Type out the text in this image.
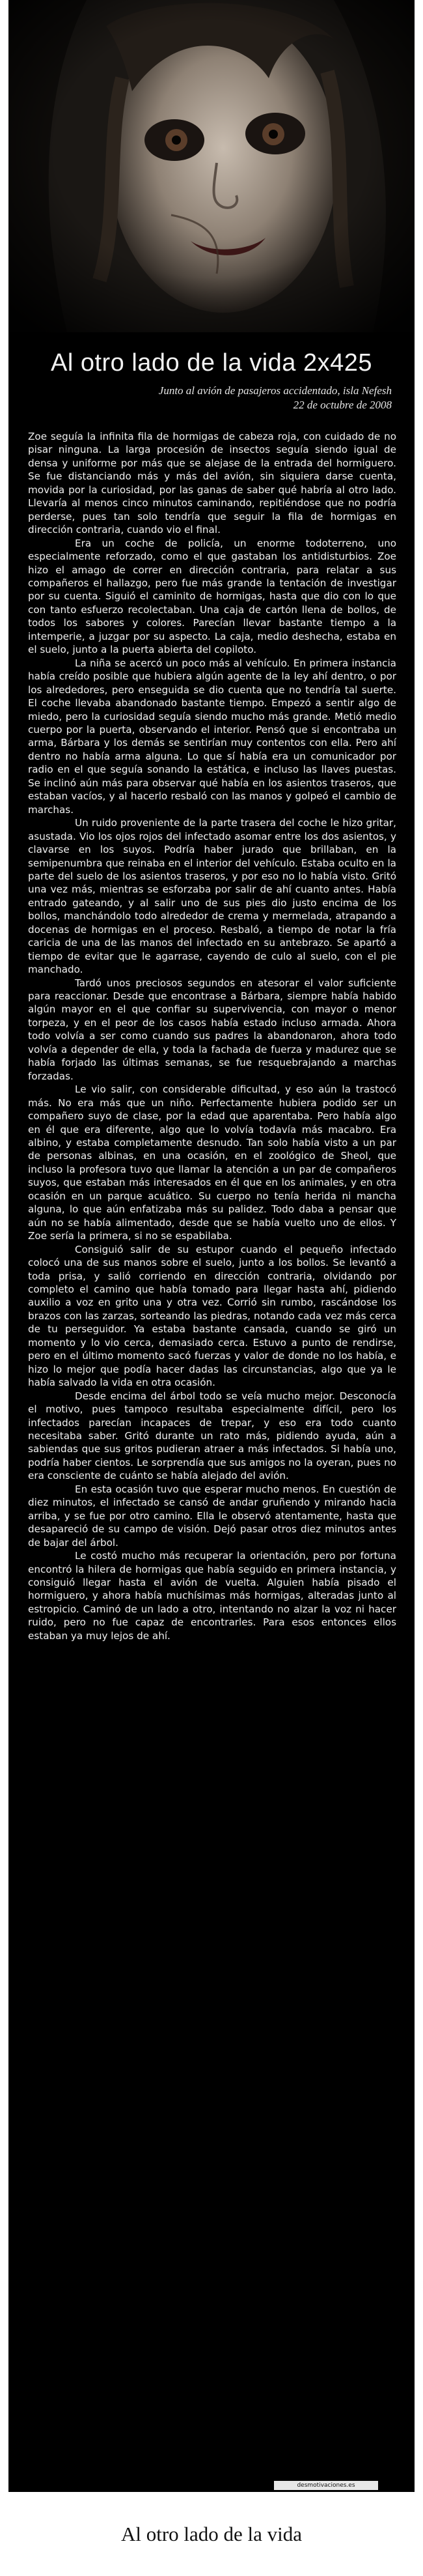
Al otro lado de la vida 2x425
Junto al avión de pasajeros accidentado, isla Nefesh
22 de octubre de 2008

Zoe seguía la infinita fila de hormigas de cabeza roja, con cuidado de no pisar ninguna. La larga procesión de insectos seguía siendo igual de densa y uniforme por más que se alejase de la entrada del hormiguero. Se fue distanciando más y más del avión, sin siquiera darse cuenta, movida por la curiosidad, por las ganas de saber qué habría al otro lado. Llevaría al menos cinco minutos caminando, repitiéndose que no podría perderse, pues tan solo tendría que seguir la fila de hormigas en dirección contraria, cuando vio el final.

Era un coche de policía, un enorme todoterreno, uno especialmente reforzado, como el que gastaban los antidisturbios. Zoe hizo el amago de correr en dirección contraria, para relatar a sus compañeros el hallazgo, pero fue más grande la tentación de investigar por su cuenta. Siguió el caminito de hormigas, hasta que dio con lo que con tanto esfuerzo recolectaban. Una caja de cartón llena de bollos, de todos los sabores y colores. Parecían llevar bastante tiempo a la intemperie, a juzgar por su aspecto. La caja, medio deshecha, estaba en el suelo, junto a la puerta abierta del copiloto.

La niña se acercó un poco más al vehículo. En primera instancia había creído posible que hubiera algún agente de la ley ahí dentro, o por los alrededores, pero enseguida se dio cuenta que no tendría tal suerte. El coche llevaba abandonado bastante tiempo. Empezó a sentir algo de miedo, pero la curiosidad seguía siendo mucho más grande. Metió medio cuerpo por la puerta, observando el interior. Pensó que si encontraba un arma, Bárbara y los demás se sentirían muy contentos con ella. Pero ahí dentro no había arma alguna. Lo que sí había era un comunicador por radio en el que seguía sonando la estática, e incluso las llaves puestas. Se inclinó aún más para observar qué había en los asientos traseros, que estaban vacíos, y al hacerlo resbaló con las manos y golpeó el cambio de marchas.

Un ruido proveniente de la parte trasera del coche le hizo gritar, asustada. Vio los ojos rojos del infectado asomar entre los dos asientos, y clavarse en los suyos. Podría haber jurado que brillaban, en la semipenumbra que reinaba en el interior del vehículo. Estaba oculto en la parte del suelo de los asientos traseros, y por eso no lo había visto. Gritó una vez más, mientras se esforzaba por salir de ahí cuanto antes. Había entrado gateando, y al salir uno de sus pies dio justo encima de los bollos, manchándolo todo alrededor de crema y mermelada, atrapando a docenas de hormigas en el proceso. Resbaló, a tiempo de notar la fría caricia de una de las manos del infectado en su antebrazo. Se apartó a tiempo de evitar que le agarrase, cayendo de culo al suelo, con el pie manchado.

Tardó unos preciosos segundos en atesorar el valor suficiente para reaccionar. Desde que encontrase a Bárbara, siempre había habido algún mayor en el que confiar su supervivencia, con mayor o menor torpeza, y en el peor de los casos había estado incluso armada. Ahora todo volvía a ser como cuando sus padres la abandonaron, ahora todo volvía a depender de ella, y toda la fachada de fuerza y madurez que se había forjado las últimas semanas, se fue resquebrajando a marchas forzadas.

Le vio salir, con considerable dificultad, y eso aún la trastocó más. No era más que un niño. Perfectamente hubiera podido ser un compañero suyo de clase, por la edad que aparentaba. Pero había algo en él que era diferente, algo que lo volvía todavía más macabro. Era albino, y estaba completamente desnudo. Tan solo había visto a un par de personas albinas, en una ocasión, en el zoológico de Sheol, que incluso la profesora tuvo que llamar la atención a un par de compañeros suyos, que estaban más interesados en él que en los animales, y en otra ocasión en un parque acuático. Su cuerpo no tenía herida ni mancha alguna, lo que aún enfatizaba más su palidez. Todo daba a pensar que aún no se había alimentado, desde que se había vuelto uno de ellos. Y Zoe sería la primera, si no se espabilaba.

Consiguió salir de su estupor cuando el pequeño infectado colocó una de sus manos sobre el suelo, junto a los bollos. Se levantó a toda prisa, y salió corriendo en dirección contraria, olvidando por completo el camino que había tomado para llegar hasta ahí, pidiendo auxilio a voz en grito una y otra vez. Corrió sin rumbo, rascándose los brazos con las zarzas, sorteando las piedras, notando cada vez más cerca de tu perseguidor. Ya estaba bastante cansada, cuando se giró un momento y lo vio cerca, demasiado cerca. Estuvo a punto de rendirse, pero en el último momento sacó fuerzas y valor de donde no los había, e hizo lo mejor que podía hacer dadas las circunstancias, algo que ya le había salvado la vida en otra ocasión.

Desde encima del árbol todo se veía mucho mejor. Desconocía el motivo, pues tampoco resultaba especialmente difícil, pero los infectados parecían incapaces de trepar, y eso era todo cuanto necesitaba saber. Gritó durante un rato más, pidiendo ayuda, aún a sabiendas que sus gritos pudieran atraer a más infectados. Si había uno, podría haber cientos. Le sorprendía que sus amigos no la oyeran, pues no era consciente de cuánto se había alejado del avión.

En esta ocasión tuvo que esperar mucho menos. En cuestión de diez minutos, el infectado se cansó de andar gruñendo y mirando hacia arriba, y se fue por otro camino. Ella le observó atentamente, hasta que desapareció de su campo de visión. Dejó pasar otros diez minutos antes de bajar del árbol.

Le costó mucho más recuperar la orientación, pero por fortuna encontró la hilera de hormigas que había seguido en primera instancia, y consiguió llegar hasta el avión de vuelta. Alguien había pisado el hormiguero, y ahora había muchísimas más hormigas, alteradas junto al estropicio. Caminó de un lado a otro, intentando no alzar la voz ni hacer ruido, pero no fue capaz de encontrarles. Para esos entonces ellos estaban ya muy lejos de ahí.

desmotivaciones.es
Al otro lado de la vida
